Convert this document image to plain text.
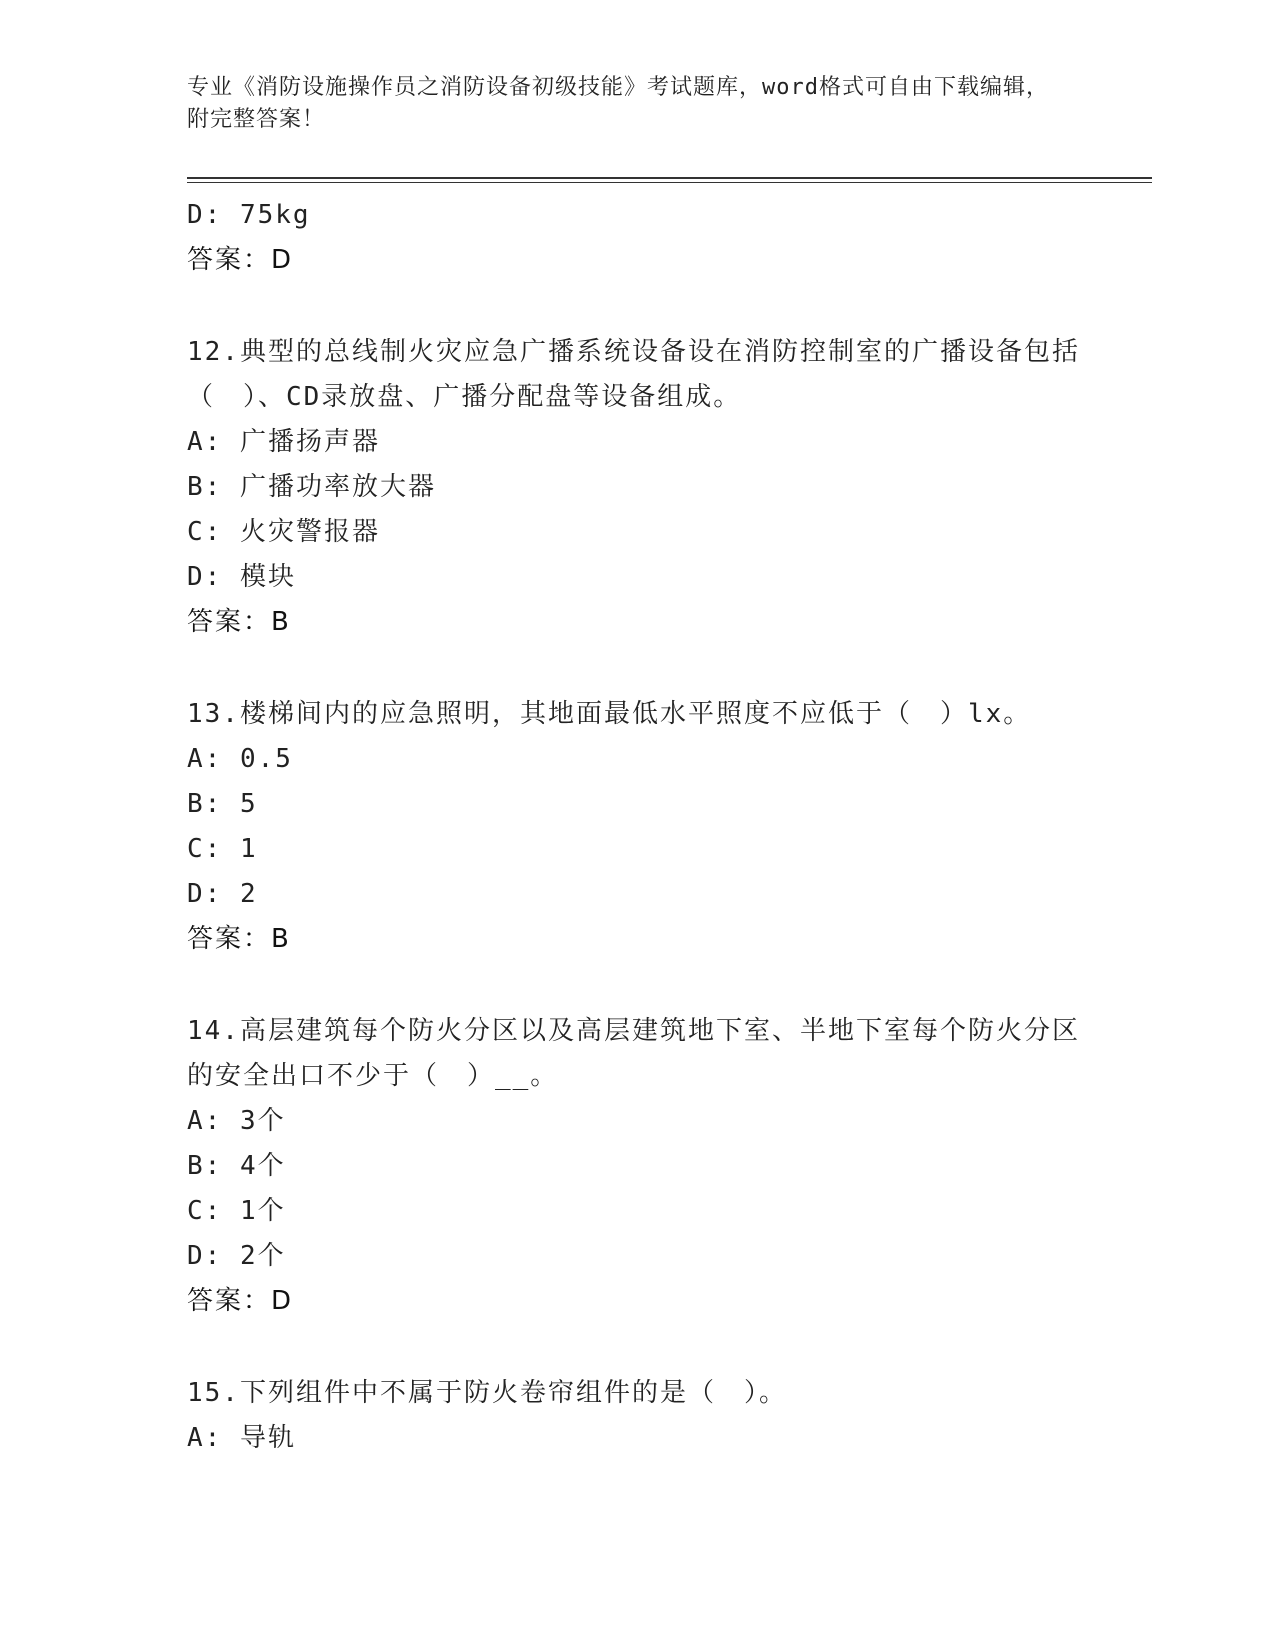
专业《消防设施操作员之消防设备初级技能》考试题库，word格式可自由下载编辑，附完整答案！
D: 75kg
答案：D
12.典型的总线制火灾应急广播系统设备设在消防控制室的广播设备包括（　）、CD录放盘、广播分配盘等设备组成。
A: 广播扬声器
B: 广播功率放大器
C: 火灾警报器
D: 模块
答案：B
13.楼梯间内的应急照明，其地面最低水平照度不应低于（　）lx。
A: 0.5
B: 5
C: 1
D: 2
答案：B
14.高层建筑每个防火分区以及高层建筑地下室、半地下室每个防火分区的安全出口不少于（　）__。
A: 3个
B: 4个
C: 1个
D: 2个
答案：D
15.下列组件中不属于防火卷帘组件的是（　）。
A: 导轨
